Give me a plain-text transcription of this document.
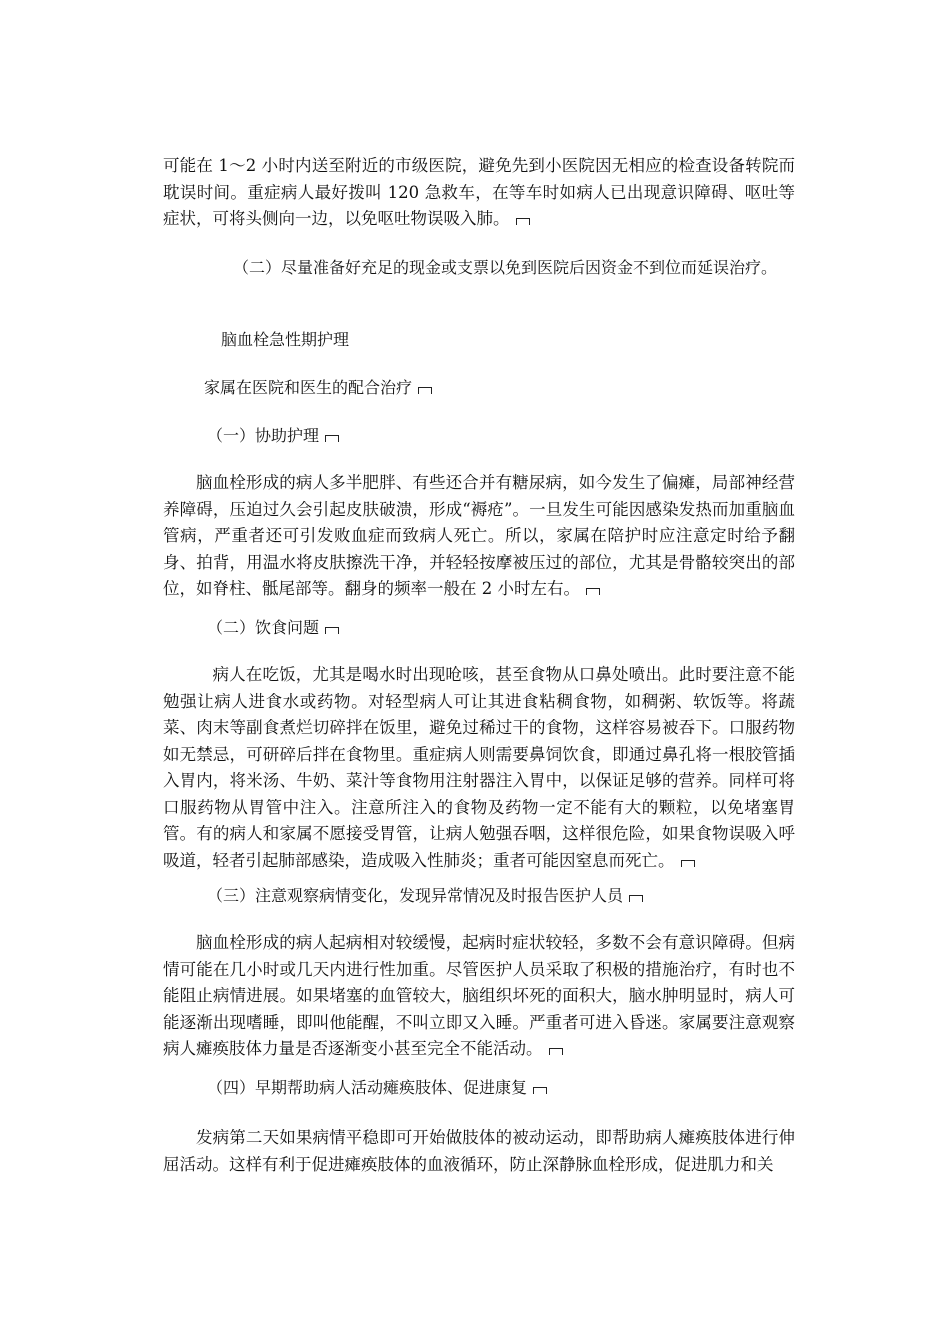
可能在 1～2 小时内送至附近的市级医院，避免先到小医院因无相应的检查设备转院而耽误时间。重症病人最好拨叫 120 急救车，在等车时如病人已出现意识障碍、呕吐等症状，可将头侧向一边，以免呕吐物误吸入肺。

（二）尽量准备好充足的现金或支票以免到医院后因资金不到位而延误治疗。

脑血栓急性期护理

家属在医院和医生的配合治疗

（一）协助护理

脑血栓形成的病人多半肥胖、有些还合并有糖尿病，如今发生了偏瘫，局部神经营养障碍，压迫过久会引起皮肤破溃，形成“褥疮”。一旦发生可能因感染发热而加重脑血管病，严重者还可引发败血症而致病人死亡。所以，家属在陪护时应注意定时给予翻身、拍背，用温水将皮肤擦洗干净，并轻轻按摩被压过的部位，尤其是骨骼较突出的部位，如脊柱、骶尾部等。翻身的频率一般在 2 小时左右。

（二）饮食问题

病人在吃饭，尤其是喝水时出现呛咳，甚至食物从口鼻处喷出。此时要注意不能勉强让病人进食水或药物。对轻型病人可让其进食粘稠食物，如稠粥、软饭等。将蔬菜、肉末等副食煮烂切碎拌在饭里，避免过稀过干的食物，这样容易被吞下。口服药物如无禁忌，可研碎后拌在食物里。重症病人则需要鼻饲饮食，即通过鼻孔将一根胶管插入胃内，将米汤、牛奶、菜汁等食物用注射器注入胃中，以保证足够的营养。同样可将口服药物从胃管中注入。注意所注入的食物及药物一定不能有大的颗粒，以免堵塞胃管。有的病人和家属不愿接受胃管，让病人勉强吞咽，这样很危险，如果食物误吸入呼吸道，轻者引起肺部感染，造成吸入性肺炎；重者可能因窒息而死亡。

（三）注意观察病情变化，发现异常情况及时报告医护人员

脑血栓形成的病人起病相对较缓慢，起病时症状较轻，多数不会有意识障碍。但病情可能在几小时或几天内进行性加重。尽管医护人员采取了积极的措施治疗，有时也不能阻止病情进展。如果堵塞的血管较大，脑组织坏死的面积大，脑水肿明显时，病人可能逐渐出现嗜睡，即叫他能醒，不叫立即又入睡。严重者可进入昏迷。家属要注意观察病人瘫痪肢体力量是否逐渐变小甚至完全不能活动。

（四）早期帮助病人活动瘫痪肢体、促进康复

发病第二天如果病情平稳即可开始做肢体的被动运动，即帮助病人瘫痪肢体进行伸屈活动。这样有利于促进瘫痪肢体的血液循环，防止深静脉血栓形成，促进肌力和关
